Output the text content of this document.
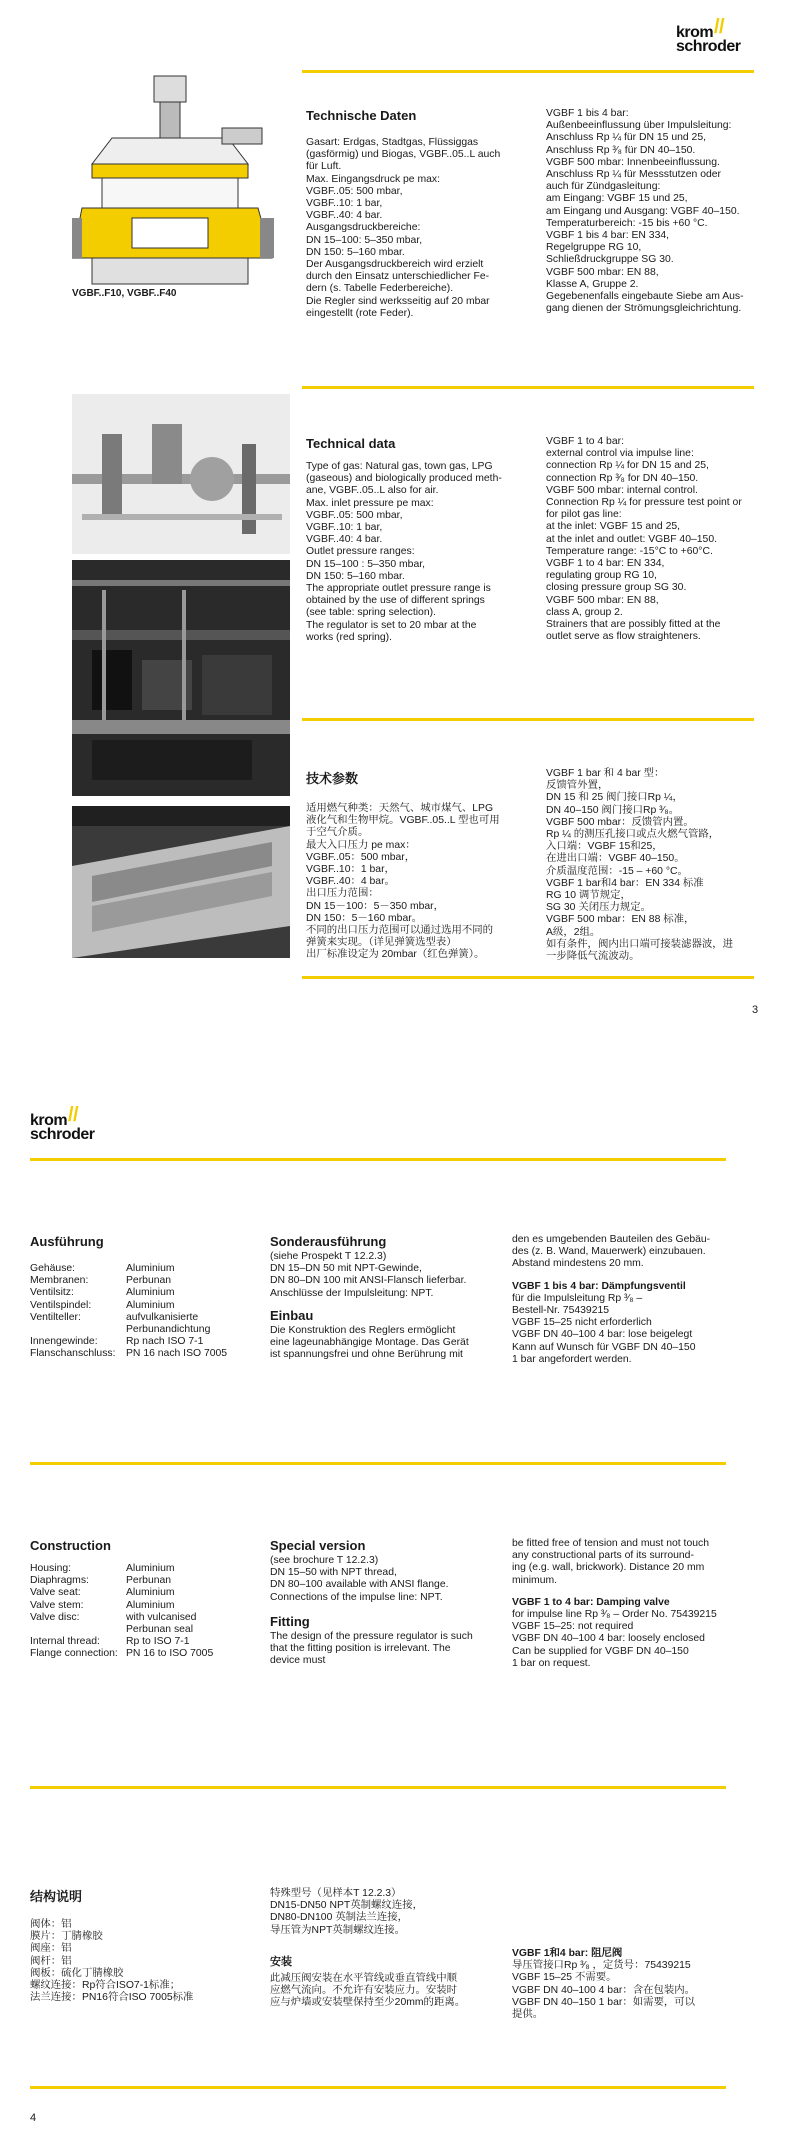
krom
schroder
//
VGBF..F10, VGBF..F40
Technische Daten
Gasart: Erdgas, Stadtgas, Flüssiggas
(gasförmig) und Biogas, VGBF..05..L auch
für Luft.
Max. Eingangsdruck pe max:
VGBF..05: 500 mbar,
VGBF..10: 1 bar,
VGBF..40: 4 bar.
Ausgangsdruckbereiche:
DN 15–100: 5–350 mbar,
DN 150: 5–160 mbar.
Der Ausgangsdruckbereich wird erzielt
durch den Einsatz unterschiedlicher Fe-
dern (s. Tabelle Federbereiche).
Die Regler sind werksseitig auf 20 mbar
eingestellt (rote Feder).
VGBF 1 bis 4 bar:
Außenbeeinflussung über Impulsleitung:
Anschluss Rp ¼ für DN 15 und 25,
Anschluss Rp ³⁄₈ für DN 40–150.
VGBF 500 mbar: Innenbeeinflussung.
Anschluss Rp ¼ für Messstutzen oder
auch für Zündgasleitung:
am Eingang: VGBF 15 und 25,
am Eingang und Ausgang: VGBF 40–150.
Temperaturbereich: -15 bis +60 °C.
VGBF 1 bis 4 bar: EN 334,
Regelgruppe RG 10,
Schließdruckgruppe SG 30.
VGBF 500 mbar: EN 88,
Klasse A, Gruppe 2.
Gegebenenfalls eingebaute Siebe am Aus-
gang dienen der Strömungsgleichrichtung.
Technical data
Type of gas: Natural gas, town gas, LPG
(gaseous) and biologically produced meth-
ane, VGBF..05..L also for air.
Max. inlet pressure pe max:
VGBF..05: 500 mbar,
VGBF..10: 1 bar,
VGBF..40: 4 bar.
Outlet pressure ranges:
DN 15–100 : 5–350 mbar,
DN 150: 5–160 mbar.
The appropriate outlet pressure range is
obtained by the use of different springs
(see table: spring selection).
The regulator is set to 20 mbar at the
works (red spring).
VGBF 1 to 4 bar:
external control via impulse line:
connection Rp ¼ for DN 15 and 25,
connection Rp ³⁄₈ for DN 40–150.
VGBF 500 mbar: internal control.
Connection Rp ¼ for pressure test point or
for pilot gas line:
at the inlet: VGBF 15 and 25,
at the inlet and outlet: VGBF 40–150.
Temperature range: -15°C to +60°C.
VGBF 1 to 4 bar: EN 334,
regulating group RG 10,
closing pressure group SG 30.
VGBF 500 mbar: EN 88,
class A, group 2.
Strainers that are possibly fitted at the
outlet serve as flow straighteners.
技术参数
适用燃气种类：天然气、城市煤气、LPG
液化气和生物甲烷。VGBF..05..L 型也可用
于空气介质。
最大入口压力 pe max：
VGBF..05：500 mbar，
VGBF..10：1 bar，
VGBF..40：4 bar。
出口压力范围：
DN 15－100：5－350 mbar，
DN 150：5－160 mbar。
不同的出口压力范围可以通过选用不同的
弹簧来实现。（详见弹簧选型表）
出厂标准设定为 20mbar（红色弹簧）。
VGBF 1 bar 和 4 bar 型：
反馈管外置，
DN 15 和 25 阀门接口Rp ¼，
DN 40–150 阀门接口Rp ³⁄₈。
VGBF 500 mbar：反馈管内置。
Rp ¼ 的测压孔接口或点火燃气管路，
入口端：VGBF 15和25，
在进出口端：VGBF 40–150。
介质温度范围：-15 – +60 °C。
VGBF 1 bar和4 bar：EN 334 标准
RG 10 调节规定，
SG 30 关闭压力规定。
VGBF 500 mbar：EN 88 标准，
A级，2组。
如有条件，阀内出口端可接装滤器波，进
一步降低气流波动。
3
krom
schroder
//
Ausführung
Gehäuse:	Aluminium
Membranen:	Perbunan
Ventilsitz:	Aluminium
Ventilspindel:	Aluminium
Ventilteller:	aufvulkanisierte
Perbunandichtung
Innengewinde:	Rp nach ISO 7-1
Flanschanschluss:	PN 16 nach ISO 7005
Sonderausführung
(siehe Prospekt T 12.2.3)
DN 15–DN 50 mit NPT-Gewinde,
DN 80–DN 100 mit ANSI-Flansch lieferbar.
Anschlüsse der Impulsleitung: NPT.
Einbau
Die Konstruktion des Reglers ermöglicht
eine lageunabhängige Montage. Das Gerät
ist spannungsfrei und ohne Berührung mit
den es umgebenden Bauteilen des Gebäu-
des (z. B. Wand, Mauerwerk) einzubauen.
Abstand mindestens 20 mm.
VGBF 1 bis 4 bar: Dämpfungsventil
für die Impulsleitung Rp ³⁄₈ –
Bestell-Nr. 75439215
VGBF 15–25 nicht erforderlich
VGBF DN 40–100 4 bar: lose beigelegt
Kann auf Wunsch für VGBF DN 40–150
1 bar angefordert werden.
Construction
Housing:	Aluminium
Diaphragms:	Perbunan
Valve seat:	Aluminium
Valve stem:	Aluminium
Valve disc:	with vulcanised
Perbunan seal
Internal thread:	Rp to ISO 7-1
Flange connection: PN 16 to ISO 7005
Special version
(see brochure T 12.2.3)
DN 15–50 with NPT thread,
DN 80–100 available with ANSI flange.
Connections of the impulse line: NPT.
Fitting
The design of the pressure regulator is such
that the fitting position is irrelevant. The
device must
be fitted free of tension and must not touch
any constructional parts of its surround-
ing (e.g. wall, brickwork). Distance 20 mm
minimum.
VGBF 1 to 4 bar: Damping valve
for impulse line Rp ³⁄₈ – Order No. 75439215
VGBF 15–25: not required
VGBF DN 40–100 4 bar: loosely enclosed
Can be supplied for VGBF DN 40–150
1 bar on request.
结构说明
阀体：铝
膜片：丁腈橡胶
阀座：铝
阀杆：铝
阀板：硫化丁腈橡胶
螺纹连接：Rp符合ISO7-1标准；
法兰连接：PN16符合ISO 7005标准
特殊型号（见样本T 12.2.3）
DN15-DN50 NPT英制螺纹连接，
DN80-DN100 英制法兰连接，
导压管为NPT英制螺纹连接。
安装
此减压阀安装在水平管线或垂直管线中顺
应燃气流向。不允许有安装应力。安装时
应与炉墙或安装壁保持至少20mm的距离。
VGBF 1和4 bar: 阻尼阀
导压管接口Rp ³⁄₈ ，定货号：75439215
VGBF 15–25 不需要。
VGBF DN 40–100 4 bar：含在包装内。
VGBF DN 40–150 1 bar：如需要，可以
提供。
4
